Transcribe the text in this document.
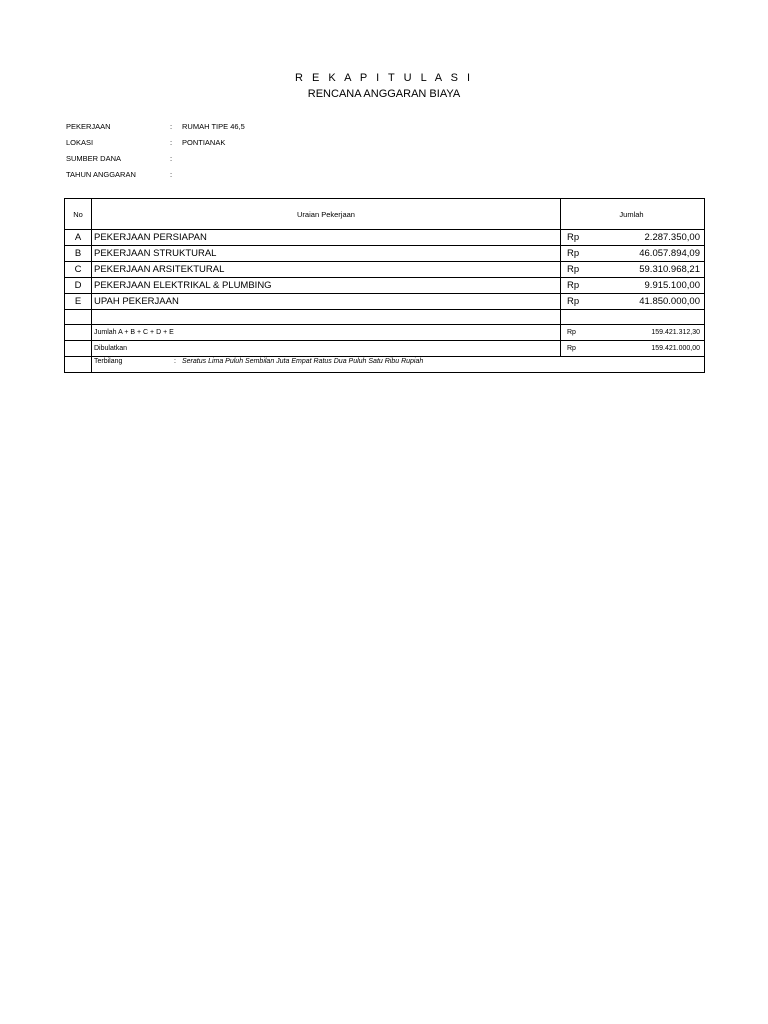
R E K A P I T U L A S I
RENCANA ANGGARAN BIAYA
PEKERJAAN	: RUMAH TIPE 46,5
LOKASI	: PONTIANAK
SUMBER DANA	:
TAHUN ANGGARAN	:
No	Uraian Pekerjaan	Jumlah	
A	PEKERJAAN PERSIAPAN	Rp	2.287.350,00
B	PEKERJAAN STRUKTURAL	Rp	46.057.894,09
C	PEKERJAAN ARSITEKTURAL	Rp	59.310.968,21
D	PEKERJAAN ELEKTRIKAL & PLUMBING	Rp	9.915.100,00
E	UPAH PEKERJAAN	Rp	41.850.000,00

	Jumlah A + B + C + D + E	Rp	159.421.312,30
	Dibulatkan	Rp	159.421.000,00

	Terbilang : Seratus Lima Puluh Sembilan Juta Empat Ratus Dua Puluh Satu Ribu Rupiah		
